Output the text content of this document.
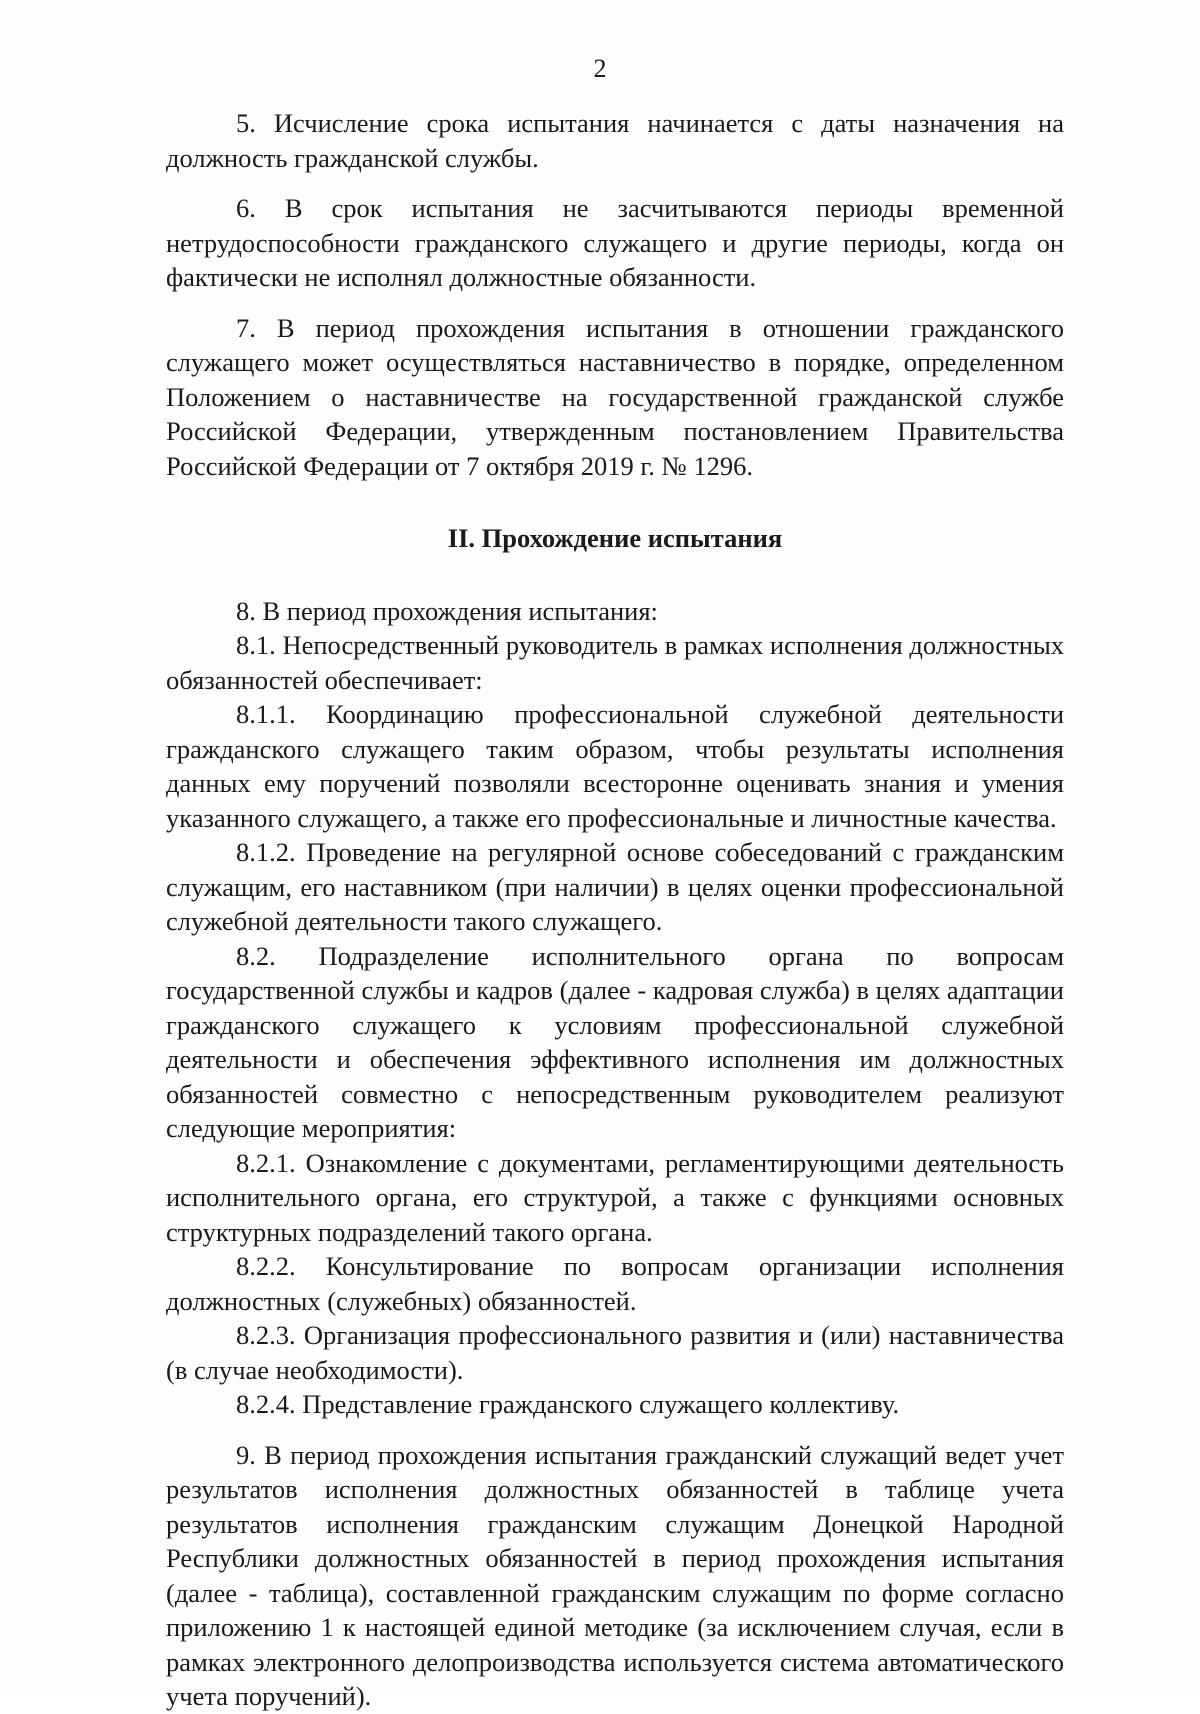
2

5. Исчисление срока испытания начинается с даты назначения на должность гражданской службы.

6. В срок испытания не засчитываются периоды временной нетрудоспособности гражданского служащего и другие периоды, когда он фактически не исполнял должностные обязанности.

7. В период прохождения испытания в отношении гражданского служащего может осуществляться наставничество в порядке, определенном Положением о наставничестве на государственной гражданской службе Российской Федерации, утвержденным постановлением Правительства Российской Федерации от 7 октября 2019 г. № 1296.

II. Прохождение испытания

8. В период прохождения испытания:

8.1. Непосредственный руководитель в рамках исполнения должностных обязанностей обеспечивает:

8.1.1. Координацию профессиональной служебной деятельности гражданского служащего таким образом, чтобы результаты исполнения данных ему поручений позволяли всесторонне оценивать знания и умения указанного служащего, а также его профессиональные и личностные качества.

8.1.2. Проведение на регулярной основе собеседований с гражданским служащим, его наставником (при наличии) в целях оценки профессиональной служебной деятельности такого служащего.

8.2. Подразделение исполнительного органа по вопросам государственной службы и кадров (далее - кадровая служба) в целях адаптации гражданского служащего к условиям профессиональной служебной деятельности и обеспечения эффективного исполнения им должностных обязанностей совместно с непосредственным руководителем реализуют следующие мероприятия:

8.2.1. Ознакомление с документами, регламентирующими деятельность исполнительного органа, его структурой, а также с функциями основных структурных подразделений такого органа.

8.2.2. Консультирование по вопросам организации исполнения должностных (служебных) обязанностей.

8.2.3. Организация профессионального развития и (или) наставничества (в случае необходимости).

8.2.4. Представление гражданского служащего коллективу.

9. В период прохождения испытания гражданский служащий ведет учет результатов исполнения должностных обязанностей в таблице учета результатов исполнения гражданским служащим Донецкой Народной Республики должностных обязанностей в период прохождения испытания (далее - таблица), составленной гражданским служащим по форме согласно приложению 1 к настоящей единой методике (за исключением случая, если в рамках электронного делопроизводства используется система автоматического учета поручений).
